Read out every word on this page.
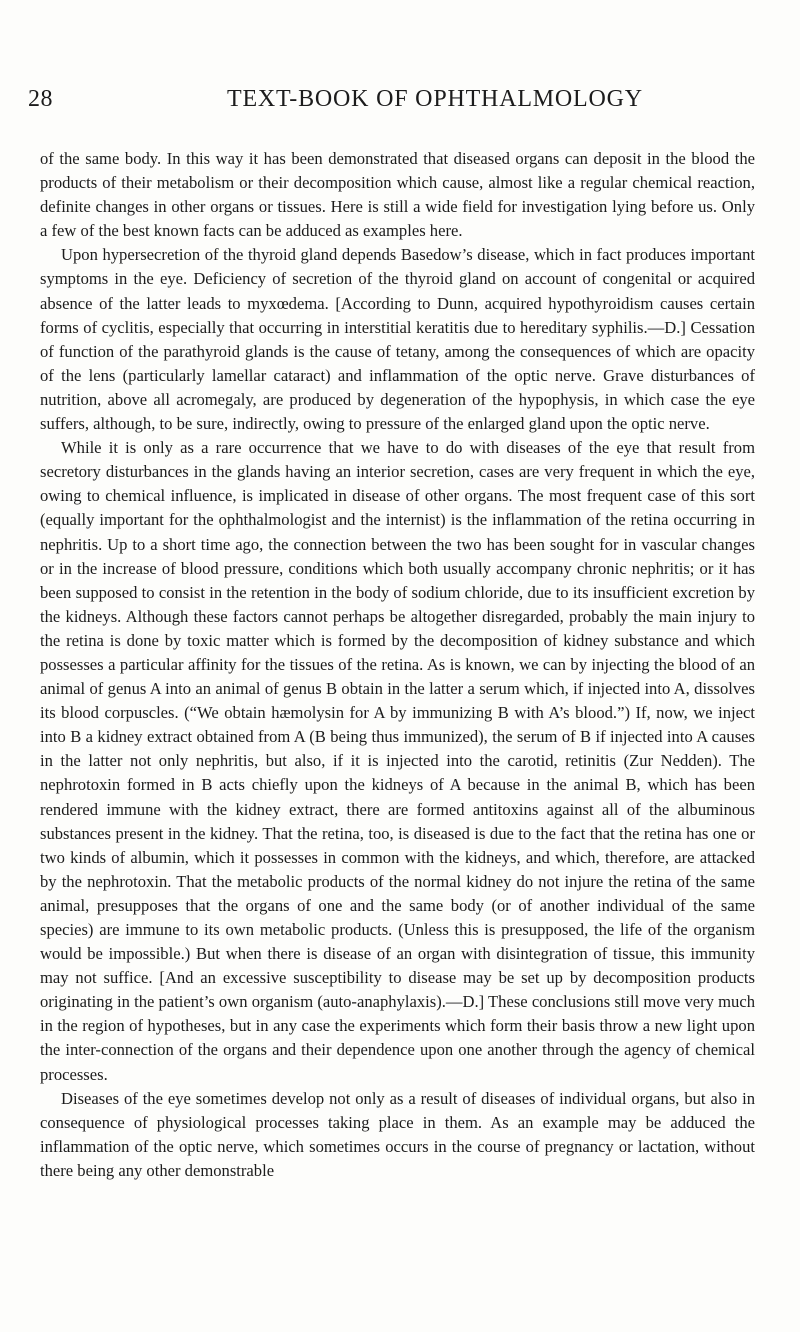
28	TEXT-BOOK OF OPHTHALMOLOGY

of the same body. In this way it has been demonstrated that diseased organs can deposit in the blood the products of their metabolism or their decomposition which cause, almost like a regular chemical reaction, definite changes in other organs or tissues. Here is still a wide field for investigation lying before us. Only a few of the best known facts can be adduced as examples here.

Upon hypersecretion of the thyroid gland depends Basedow’s disease, which in fact produces important symptoms in the eye. Deficiency of secretion of the thyroid gland on account of congenital or acquired absence of the latter leads to myxœdema. [According to Dunn, acquired hypothyroidism causes certain forms of cyclitis, especially that occurring in interstitial keratitis due to hereditary syphilis.—D.] Cessation of function of the parathyroid glands is the cause of tetany, among the consequences of which are opacity of the lens (particularly lamellar cataract) and inflammation of the optic nerve. Grave disturbances of nutrition, above all acromegaly, are produced by degeneration of the hypophysis, in which case the eye suffers, although, to be sure, indirectly, owing to pressure of the enlarged gland upon the optic nerve.

While it is only as a rare occurrence that we have to do with diseases of the eye that result from secretory disturbances in the glands having an interior secretion, cases are very frequent in which the eye, owing to chemical influence, is implicated in disease of other organs. The most frequent case of this sort (equally important for the ophthalmologist and the internist) is the inflammation of the retina occurring in nephritis. Up to a short time ago, the connection between the two has been sought for in vascular changes or in the increase of blood pressure, conditions which both usually accompany chronic nephritis; or it has been supposed to consist in the retention in the body of sodium chloride, due to its insufficient excretion by the kidneys. Although these factors cannot perhaps be altogether disregarded, probably the main injury to the retina is done by toxic matter which is formed by the decomposition of kidney substance and which possesses a particular affinity for the tissues of the retina. As is known, we can by injecting the blood of an animal of genus A into an animal of genus B obtain in the latter a serum which, if injected into A, dissolves its blood corpuscles. (“We obtain hæmolysin for A by immunizing B with A’s blood.”) If, now, we inject into B a kidney extract obtained from A (B being thus immunized), the serum of B if injected into A causes in the latter not only nephritis, but also, if it is injected into the carotid, retinitis (Zur Nedden). The nephrotoxin formed in B acts chiefly upon the kidneys of A because in the animal B, which has been rendered immune with the kidney extract, there are formed antitoxins against all of the albuminous substances present in the kidney. That the retina, too, is diseased is due to the fact that the retina has one or two kinds of albumin, which it possesses in common with the kidneys, and which, therefore, are attacked by the nephrotoxin. That the metabolic products of the normal kidney do not injure the retina of the same animal, presupposes that the organs of one and the same body (or of another individual of the same species) are immune to its own metabolic products. (Unless this is presupposed, the life of the organism would be impossible.) But when there is disease of an organ with disintegration of tissue, this immunity may not suffice. [And an excessive susceptibility to disease may be set up by decomposition products originating in the patient’s own organism (auto-anaphylaxis).—D.] These conclusions still move very much in the region of hypotheses, but in any case the experiments which form their basis throw a new light upon the inter-connection of the organs and their dependence upon one another through the agency of chemical processes.

Diseases of the eye sometimes develop not only as a result of diseases of individual organs, but also in consequence of physiological processes taking place in them. As an example may be adduced the inflammation of the optic nerve, which sometimes occurs in the course of pregnancy or lactation, without there being any other demonstrable
